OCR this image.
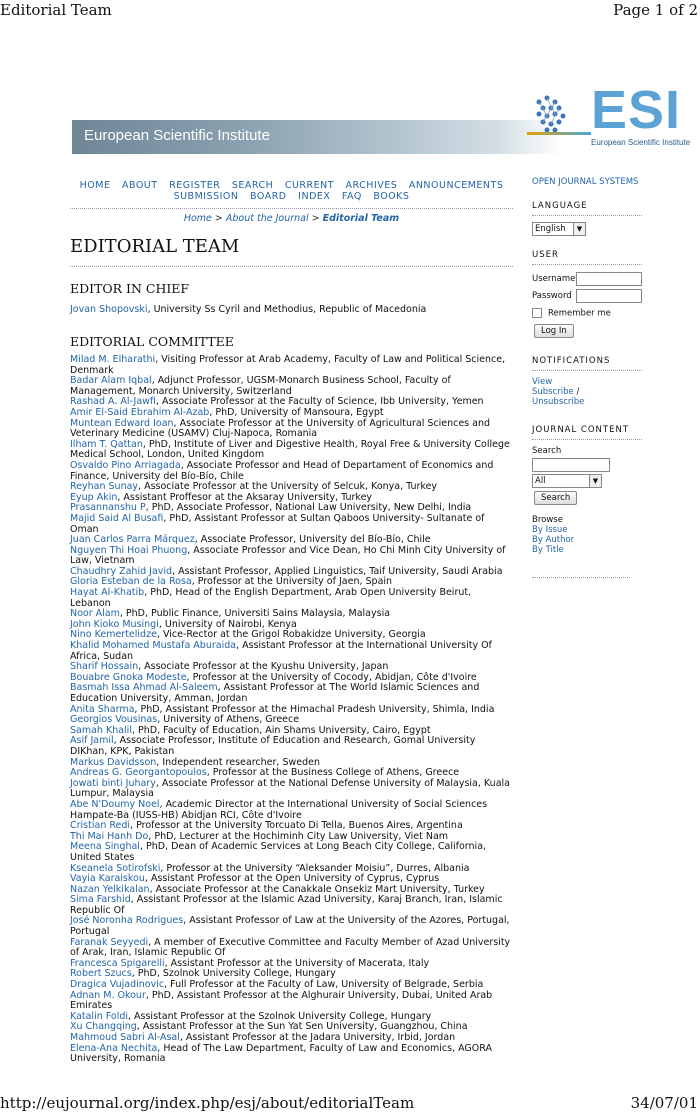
Editorial Team	Page 1 of 2
European Scientific Institute	ESI
European Scientific Institute
HOME ABOUT REGISTER SEARCH CURRENT ARCHIVES ANNOUNCEMENTS SUBMISSION BOARD INDEX FAQ BOOKS
Home > About the Journal > Editorial Team
EDITORIAL TEAM
EDITOR IN CHIEF
Jovan Shopovski, University Ss Cyril and Methodius, Republic of Macedonia
EDITORIAL COMMITTEE
Milad M. Elharathi, Visiting Professor at Arab Academy, Faculty of Law and Political Science, Denmark
Badar Alam Iqbal, Adjunct Professor, UGSM-Monarch Business School, Faculty of Management, Monarch University, Switzerland
Rashad A. Al-Jawfi, Associate Professor at the Faculty of Science, Ibb University, Yemen
Amir El-Said Ebrahim Al-Azab, PhD, University of Mansoura, Egypt
Muntean Edward Ioan, Associate Professor at the University of Agricultural Sciences and Veterinary Medicine (USAMV) Cluj-Napoca, Romania
Ilham T. Qattan, PhD, Institute of Liver and Digestive Health, Royal Free & University College Medical School, London, United Kingdom
Osvaldo Pino Arriagada, Associate Professor and Head of Departament of Economics and Finance, University del Bío-Bío, Chile
Reyhan Sunay, Associate Professor at the University of Selcuk, Konya, Turkey
Eyup Akin, Assistant Proffesor at the Aksaray University, Turkey
Prasannanshu P, PhD, Associate Professor, National Law University, New Delhi, India
Majid Said Al Busafi, PhD, Assistant Professor at Sultan Qaboos University- Sultanate of Oman
Juan Carlos Parra Márquez, Associate Professor, University del Bío-Bío, Chile
Nguyen Thi Hoai Phuong, Associate Professor and Vice Dean, Ho Chi Minh City University of Law, Vietnam
Chaudhry Zahid Javid, Assistant Professor, Applied Linguistics, Taif University, Saudi Arabia
Gloria Esteban de la Rosa, Professor at the University of Jaen, Spain
Hayat Al-Khatib, PhD, Head of the English Department, Arab Open University Beirut, Lebanon
Noor Alam, PhD, Public Finance, Universiti Sains Malaysia, Malaysia
John Kioko Musingi, University of Nairobi, Kenya
Nino Kemertelidze, Vice-Rector at the Grigol Robakidze University, Georgia
Khalid Mohamed Mustafa Aburaida, Assistant Professor at the International University Of Africa, Sudan
Sharif Hossain, Associate Professor at the Kyushu University, Japan
Bouabre Gnoka Modeste, Professor at the University of Cocody, Abidjan, Côte d'Ivoire
Basmah Issa Ahmad Al-Saleem, Assistant Professor at The World Islamic Sciences and Education University, Amman, Jordan
Anita Sharma, PhD, Assistant Professor at the Himachal Pradesh University, Shimla, India
Georgios Vousinas, University of Athens, Greece
Samah Khalil, PhD, Faculty of Education, Ain Shams University, Cairo, Egypt
Asif Jamil, Associate Professor, Institute of Education and Research, Gomal University DIKhan, KPK, Pakistan
Markus Davidsson, Independent researcher, Sweden
Andreas G. Georgantopoulos, Professor at the Business College of Athens, Greece
Jowati binti Juhary, Associate Professor at the National Defense University of Malaysia, Kuala Lumpur, Malaysia
Abe N'Doumy Noel, Academic Director at the International University of Social Sciences Hampate-Ba (IUSS-HB) Abidjan RCI, Côte d'Ivoire
Cristian Redi, Professor at the University Torcuato Di Tella, Buenos Aires, Argentina
Thi Mai Hanh Do, PhD, Lecturer at the Hochiminh City Law University, Viet Nam
Meena Singhal, PhD, Dean of Academic Services at Long Beach City College, California, United States
Kseanela Sotirofski, Professor at the University “Aleksander Moisiu”, Durres, Albania
Vayia Karaiskou, Assistant Professor at the Open University of Cyprus, Cyprus
Nazan Yelkikalan, Associate Professor at the Canakkale Onsekiz Mart University, Turkey
Sima Farshid, Assistant Professor at the Islamic Azad University, Karaj Branch, Iran, Islamic Republic Of
José Noronha Rodrigues, Assistant Professor of Law at the University of the Azores, Portugal, Portugal
Faranak Seyyedi, A member of Executive Committee and Faculty Member of Azad University of Arak, Iran, Islamic Republic Of
Francesca Spigarelli, Assistant Professor at the University of Macerata, Italy
Robert Szucs, PhD, Szolnok University College, Hungary
Dragica Vujadinovic, Full Professor at the Faculty of Law, University of Belgrade, Serbia
Adnan M. Okour, PhD, Assistant Professor at the Alghurair University, Dubai, United Arab Emirates
Katalin Foldi, Assistant Professor at the Szolnok University College, Hungary
Xu Changqing, Assistant Professor at the Sun Yat Sen University, Guangzhou, China
Mahmoud Sabri Al-Asal, Assistant Professor at the Jadara University, Irbid, Jordan
Elena-Ana Nechita, Head of The Law Department, Faculty of Law and Economics, AGORA University, Romania
OPEN JOURNAL SYSTEMS
LANGUAGE
English	▼
USER
Username
Password
Remember me
Log In
NOTIFICATIONS
View
Subscribe /
Unsubscribe
JOURNAL CONTENT
Search
All	▼
Search
Browse
By Issue
By Author
By Title
http://eujournal.org/index.php/esj/about/editorialTeam	34/07/01
